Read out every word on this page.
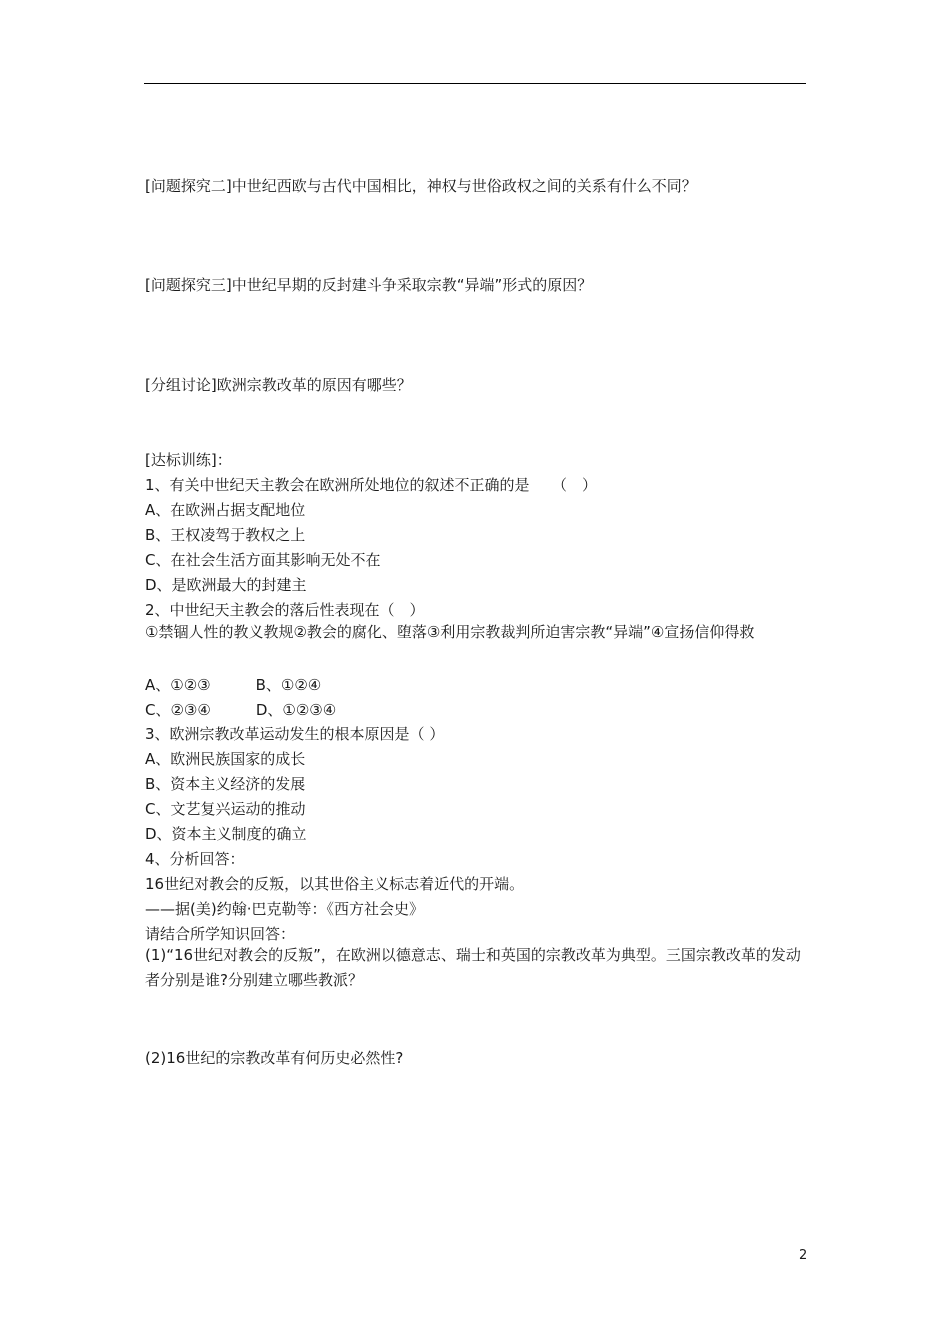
[问题探究二]中世纪西欧与古代中国相比，神权与世俗政权之间的关系有什么不同？
[问题探究三]中世纪早期的反封建斗争采取宗教“异端”形式的原因？
[分组讨论]欧洲宗教改革的原因有哪些？
[达标训练]：
1、有关中世纪天主教会在欧洲所处地位的叙述不正确的是　　（　）
A、在欧洲占据支配地位
B、王权凌驾于教权之上
C、在社会生活方面其影响无处不在
D、是欧洲最大的封建主
2、中世纪天主教会的落后性表现在（　）
①禁锢人性的教义教规②教会的腐化、堕落③利用宗教裁判所迫害宗教“异端”④宣扬信仰得救
A、①②③　　　B、①②④
C、②③④　　　D、①②③④
3、欧洲宗教改革运动发生的根本原因是（ ）
A、欧洲民族国家的成长
B、资本主义经济的发展
C、文艺复兴运动的推动
D、资本主义制度的确立
4、分析回答：
16世纪对教会的反叛，以其世俗主义标志着近代的开端。
——据(美)约翰·巴克勒等：《西方社会史》
请结合所学知识回答：
(1)“16世纪对教会的反叛”，在欧洲以德意志、瑞士和英国的宗教改革为典型。三国宗教改革的发动者分别是谁?分别建立哪些教派？
(2)16世纪的宗教改革有何历史必然性?
2
